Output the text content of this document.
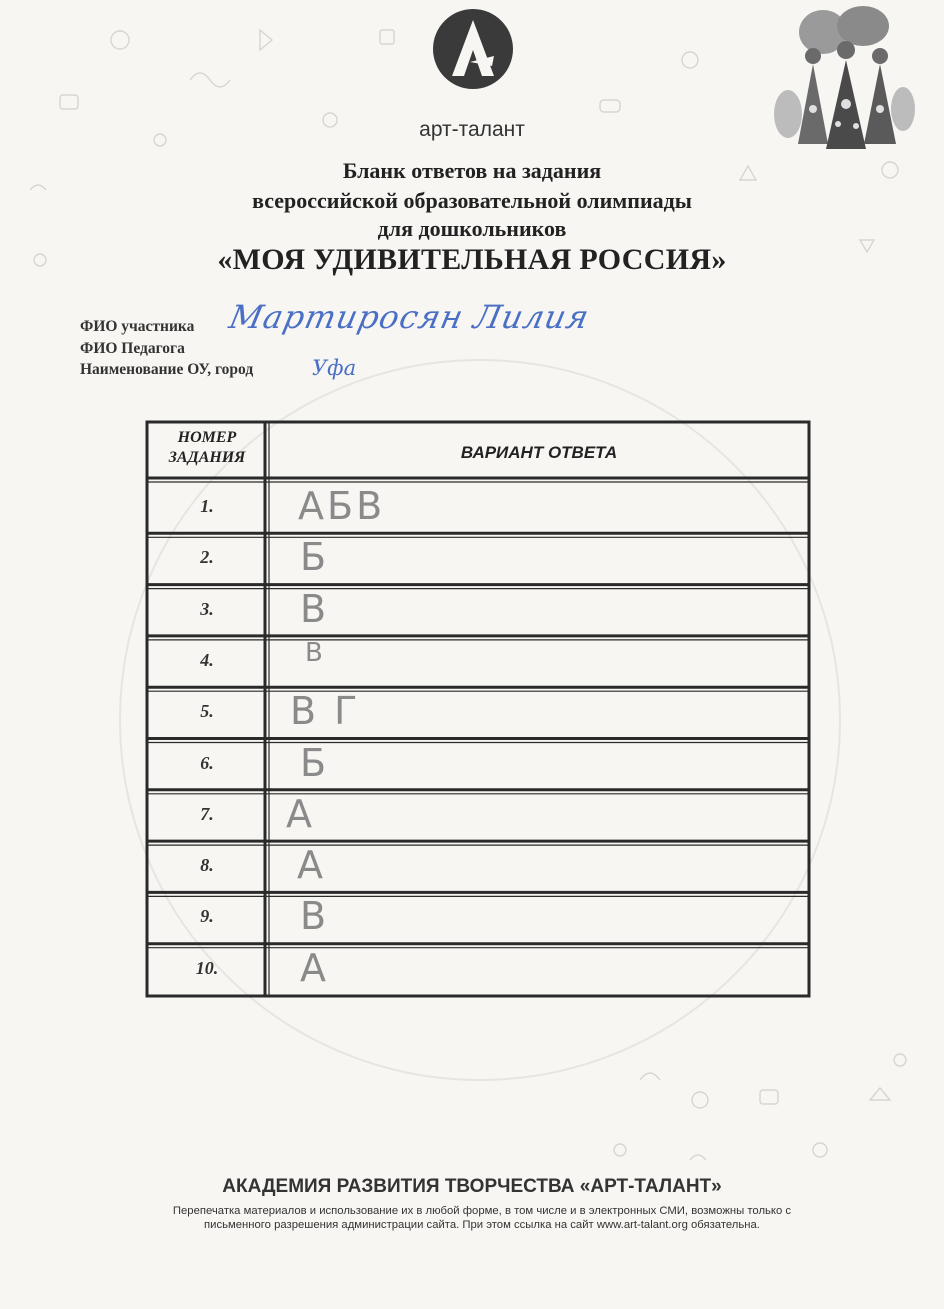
арт-талант
Бланк ответов на задания
всероссийской образовательной олимпиады
для дошкольников
«МОЯ УДИВИТЕЛЬНАЯ РОССИЯ»
ФИО участника Мартиросян Лилия
ФИО Педагога
Наименование ОУ, город	Уфа
НОМЕР ЗАДАНИЯ	ВАРИАНТ ОТВЕТА
1.	АБВ
2.	Б
3.	В
4.	В
5.	В Г
6.	Б
7.	А
8.	А
9.	В
10.	А
АКАДЕМИЯ РАЗВИТИЯ ТВОРЧЕСТВА «АРТ-ТАЛАНТ»
Перепечатка материалов и использование их в любой форме, в том числе и в электронных СМИ, возможны только с
письменного разрешения администрации сайта. При этом ссылка на сайт www.art-talant.org обязательна.
